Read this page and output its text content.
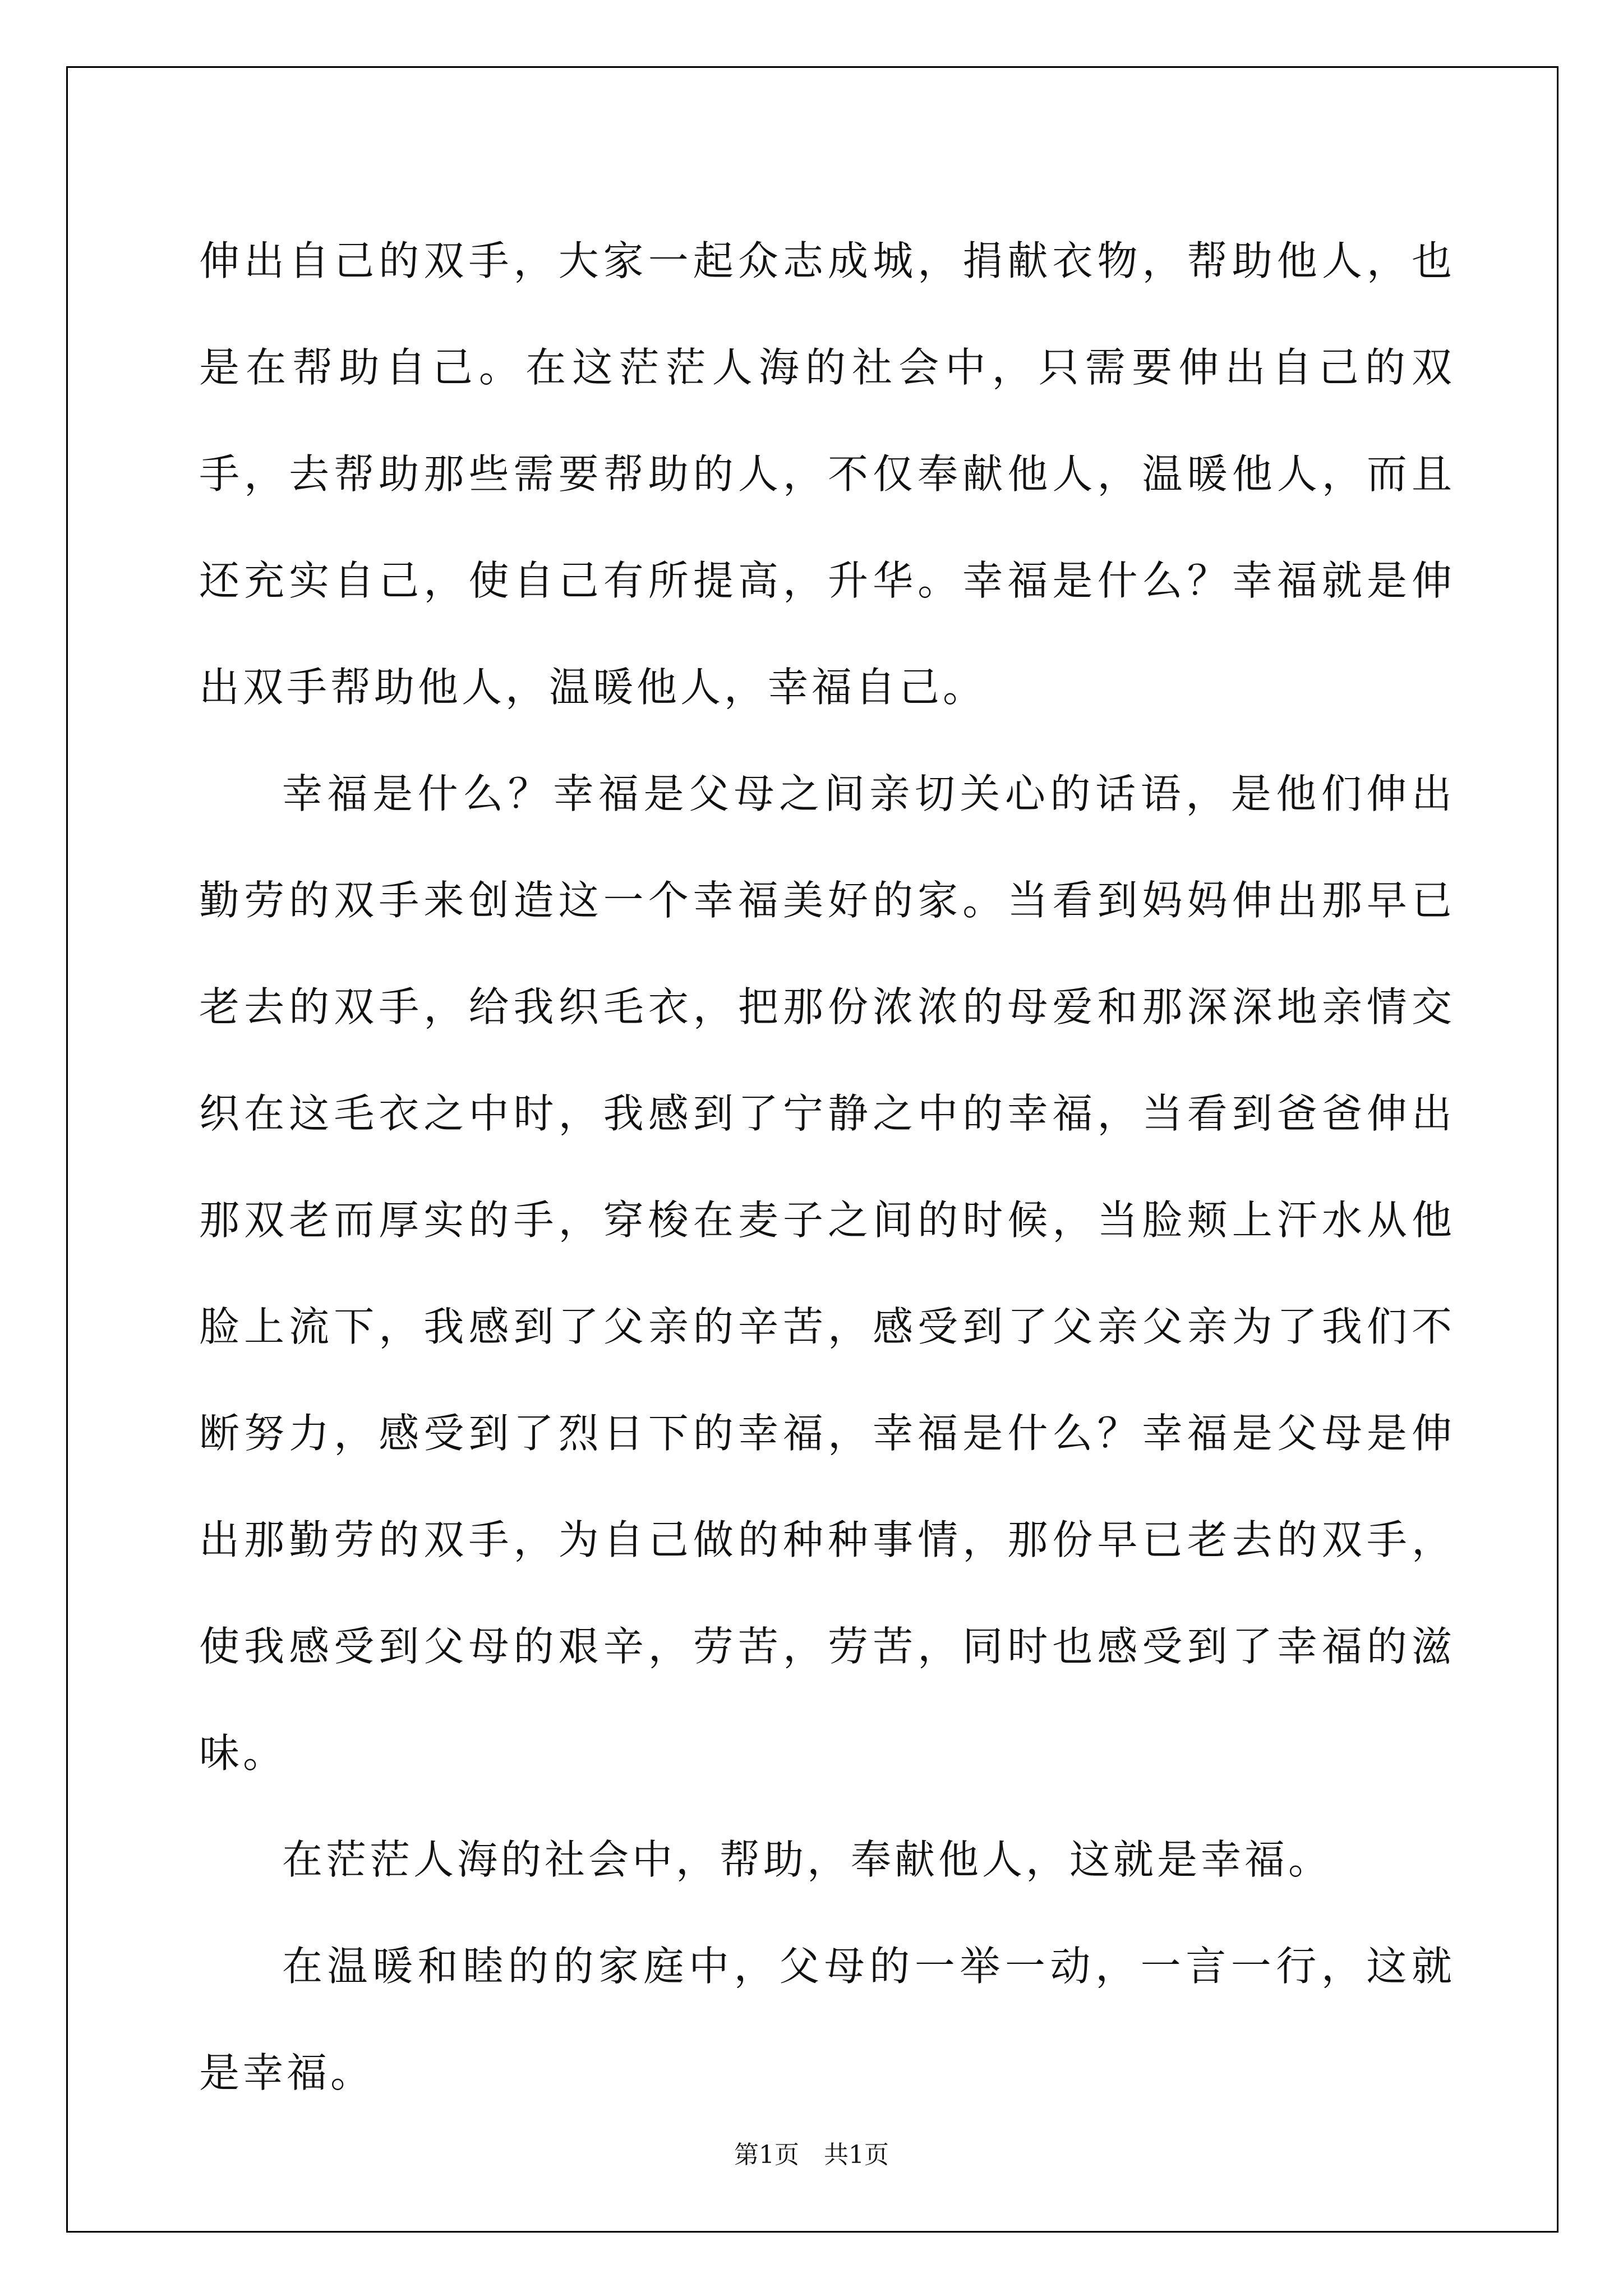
伸出自己的双手，大家一起众志成城，捐献衣物，帮助他人，也是在帮助自己。在这茫茫人海的社会中，只需要伸出自己的双手，去帮助那些需要帮助的人，不仅奉献他人，温暖他人，而且还充实自己，使自己有所提高，升华。幸福是什么？幸福就是伸出双手帮助他人，温暖他人，幸福自己。

幸福是什么？幸福是父母之间亲切关心的话语，是他们伸出勤劳的双手来创造这一个幸福美好的家。当看到妈妈伸出那早已老去的双手，给我织毛衣，把那份浓浓的母爱和那深深地亲情交织在这毛衣之中时，我感到了宁静之中的幸福，当看到爸爸伸出那双老而厚实的手，穿梭在麦子之间的时候，当脸颊上汗水从他脸上流下，我感到了父亲的辛苦，感受到了父亲父亲为了我们不断努力，感受到了烈日下的幸福，幸福是什么？幸福是父母是伸出那勤劳的双手，为自己做的种种事情，那份早已老去的双手，使我感受到父母的艰辛，劳苦，劳苦，同时也感受到了幸福的滋味。

在茫茫人海的社会中，帮助，奉献他人，这就是幸福。

在温暖和睦的的家庭中，父母的一举一动，一言一行，这就是幸福。

第1页　共1页
